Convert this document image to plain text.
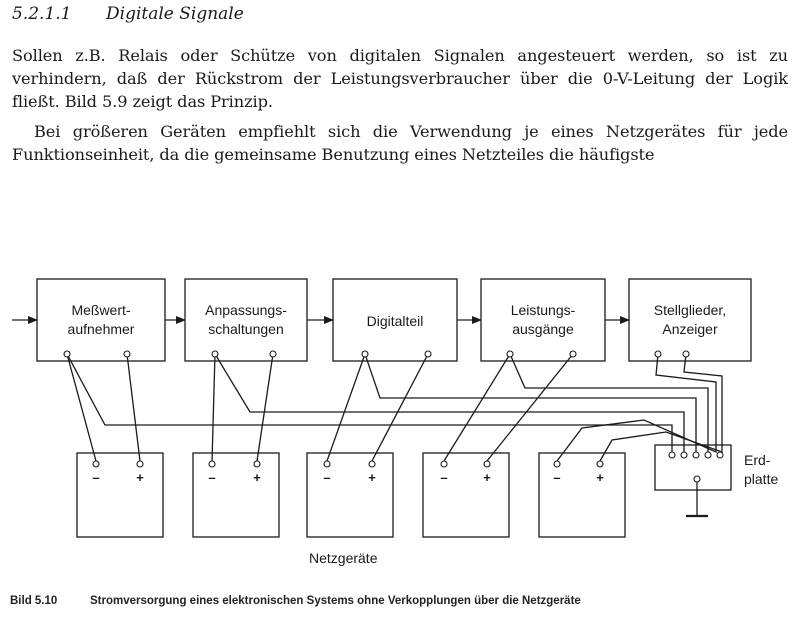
5.2.1.1 Digitale Signale

Sollen z.B. Relais oder Schütze von digitalen Signalen angesteuert werden, so ist zu verhindern, daß der Rückstrom der Leistungsverbraucher über die 0-V-Leitung der Logik fließt. Bild 5.9 zeigt das Prinzip.

Bei größeren Geräten empfiehlt sich die Verwendung je eines Netzgerätes für jede Funktionseinheit, da die gemeinsame Benutzung eines Netzteiles die häufigste

Meßwert-
aufnehmer
Anpassungs-
schaltungen	Digitalteil
Leistungs-
ausgänge
Stellglieder,
Anzeiger
–	+	–	+	–	+	–	+	–	+
Erd-
platte
Netzgeräte
Bild 5.10	Stromversorgung eines elektronischen Systems ohne Verkopplungen über die Netzgeräte
